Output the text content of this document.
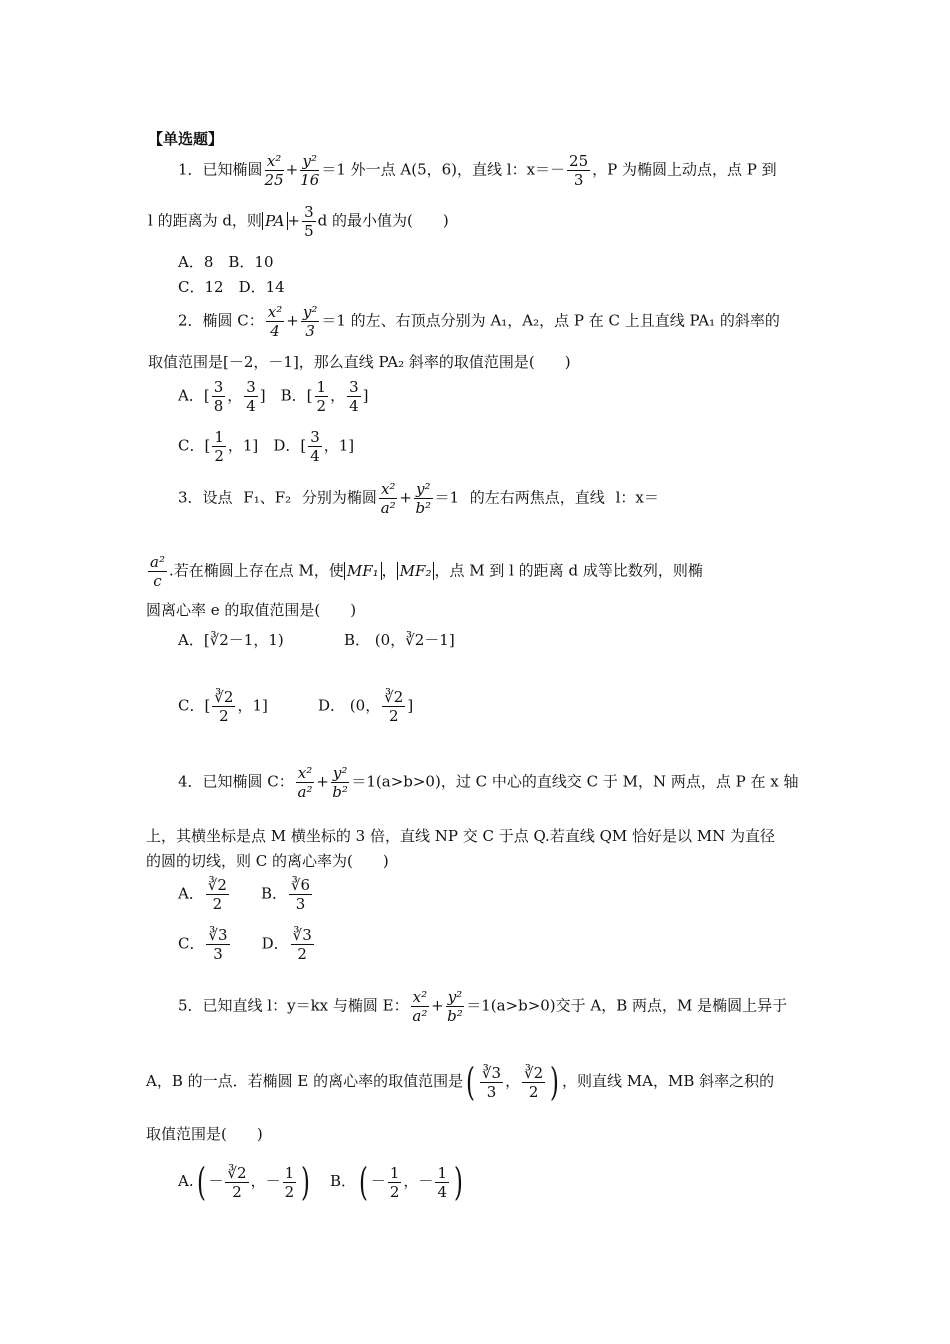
【单选题】
1．已知椭圆 $\frac{\text{x²}}{25} + \frac{\text{y²}}{16} =1$ 外一点 A(5，6)，直线 l：$x=- \frac{25}{3}$ ，P 为椭圆上动点，点 P 到
l 的距离为 d，则 PA + $\frac{3}{5}$ d 的最小值为(　　)
A．8　B．10
C．12　D．14
2．椭圆 C： $\frac{\text{x²}}{4} + \frac{\text{y²}}{3} =1$ 的左、右顶点分别为 A₁，A₂，点 P 在 C 上且直线 PA₁ 的斜率的
取值范围是[－2，－1]，那么直线 PA₂ 斜率的取值范围是(　　)
A．[ $\frac{3}{8}$ ， $\frac{3}{4}$ ]　B．[ $\frac{1}{2}$ ， $\frac{3}{4}$ ]
C．[ $\frac{1}{2}$ ，1]　 D．[ $\frac{3}{4}$ ，1]
3．设点 F₁、F₂ 分别为椭圆 $\frac{\text{x²}}{\text{a²}} + \frac{\text{y²}}{\text{b²}} =1$ 的左右两焦点，直线 l：x＝
$\frac{\text{a²}}{c}$ .若在椭圆上存在点 M，使 MF₁ ， MF₂ ，点 M 到 l 的距离 d 成等比数列，则椭
圆离心率 e 的取值范围是(　　)
A．[∛2－1，1)	B． (0，∛2－1]
C．[ $\frac{∛2}{2}$ ，1]	D． (0， $\frac{∛2}{2}$ ]
4．已知椭圆 C： $\frac{\text{x²}}{\text{a²}} + \frac{\text{y²}}{\text{b²}} =1(a>b>0)$，过 C 中心的直线交 C 于 M，N 两点，点 P 在 x 轴
上，其横坐标是点 M 横坐标的 3 倍，直线 NP 交 C 于点 Q.若直线 QM 恰好是以 MN 为直径
的圆的切线，则 C 的离心率为(　　)
A． $\frac{∛2}{2}$
　　 B． $\frac{∛6}{3}$
C． $\frac{∛3}{3}$
　　 D． $\frac{∛3}{2}$
5．已知直线 l：y＝kx 与椭圆 E： $\frac{\text{x²}}{\text{a²}} + \frac{\text{y²}}{\text{b²}} =1(a>b>0)$交于 A，B 两点，M 是椭圆上异于
A，B 的一点．若椭圆 E 的离心率的取值范围是( $\frac{∛3}{3}$ ， $\frac{∛2}{2}$ ) ，则直线 MA，MB 斜率之积的
取值范围是(　　)
$A.( - \frac{∛2}{2}$ ，－ $\frac{1}{2}$ ) B．( － $\frac{1}{2}$ ，－ $\frac{1}{4}$ )
